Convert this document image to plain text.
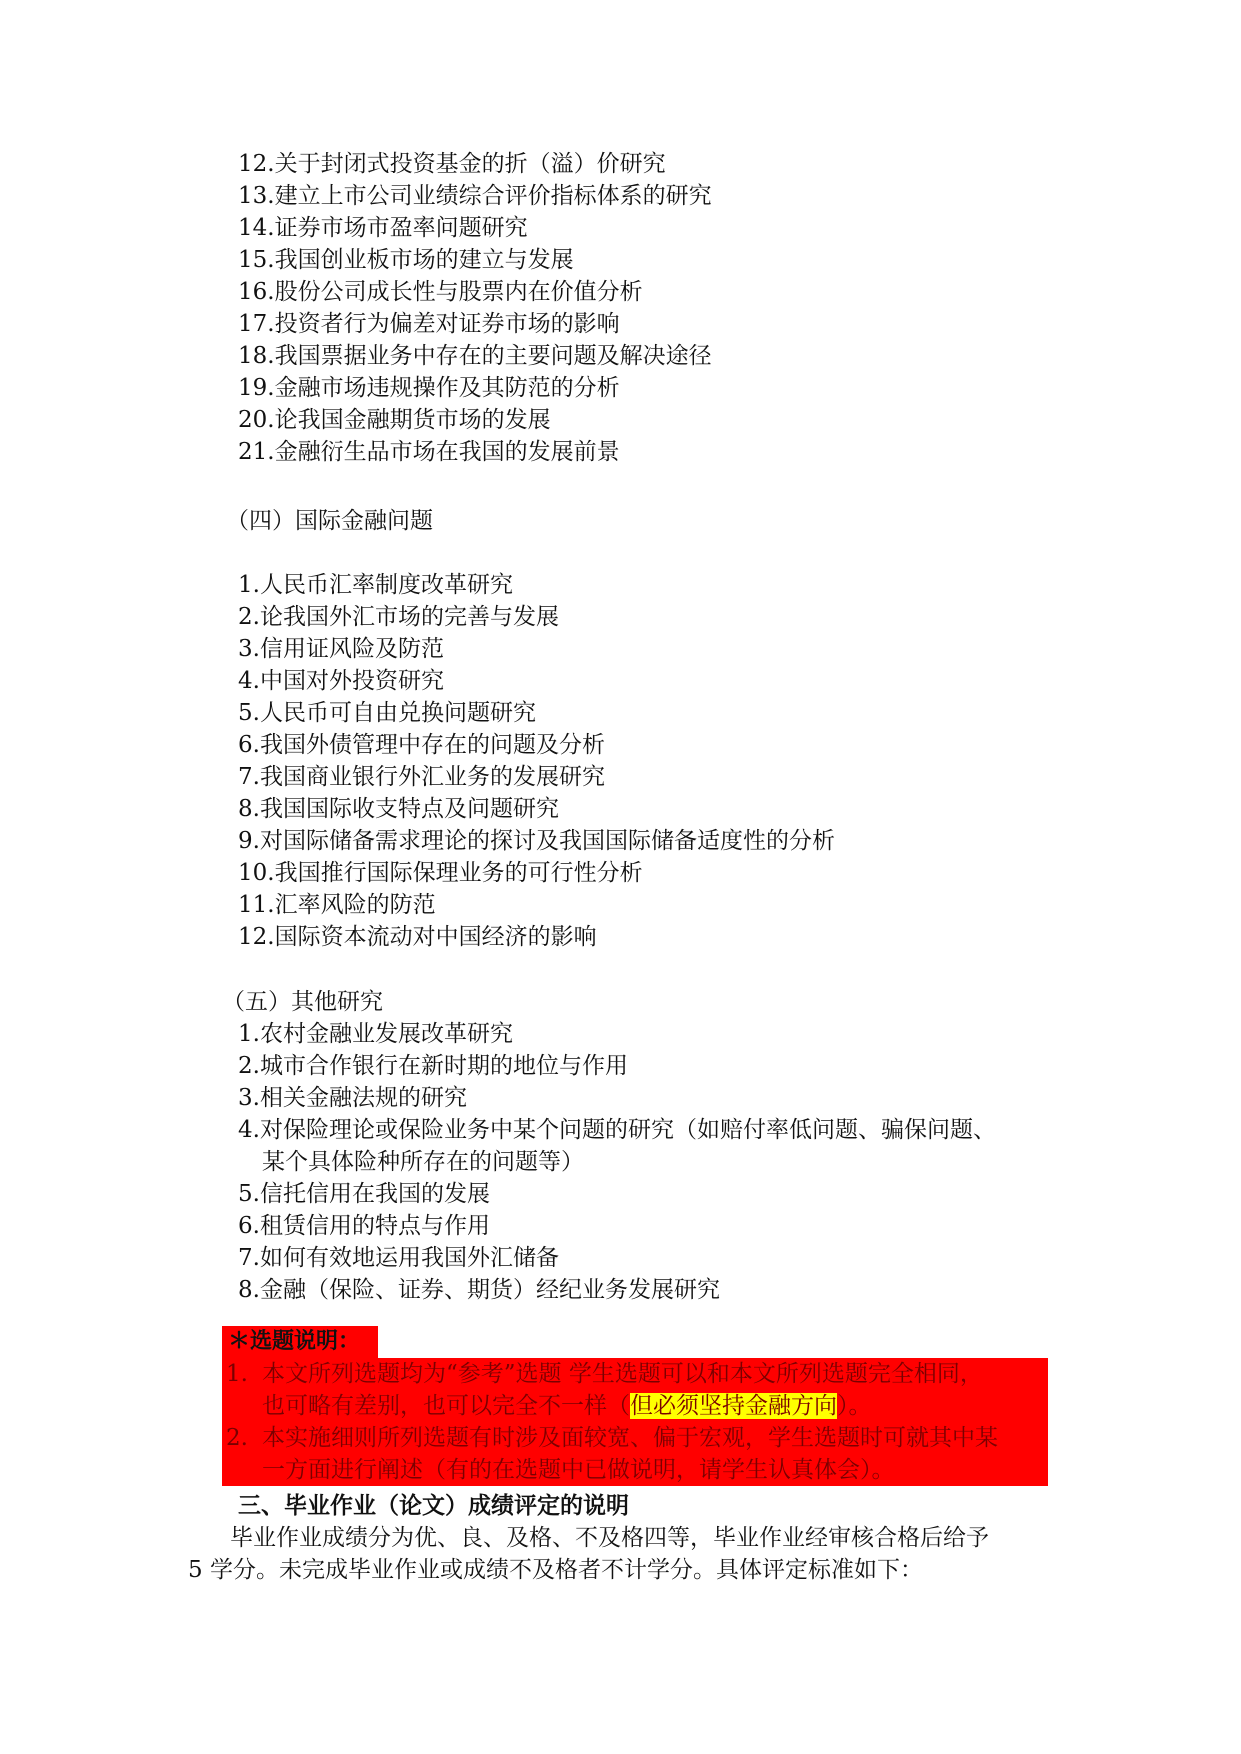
12.关于封闭式投资基金的折（溢）价研究
13.建立上市公司业绩综合评价指标体系的研究
14.证券市场市盈率问题研究
15.我国创业板市场的建立与发展
16.股份公司成长性与股票内在价值分析
17.投资者行为偏差对证券市场的影响
18.我国票据业务中存在的主要问题及解决途径
19.金融市场违规操作及其防范的分析
20.论我国金融期货市场的发展
21.金融衍生品市场在我国的发展前景
（四）国际金融问题
1.人民币汇率制度改革研究
2.论我国外汇市场的完善与发展
3.信用证风险及防范
4.中国对外投资研究
5.人民币可自由兑换问题研究
6.我国外债管理中存在的问题及分析
7.我国商业银行外汇业务的发展研究
8.我国国际收支特点及问题研究
9.对国际储备需求理论的探讨及我国国际储备适度性的分析
10.我国推行国际保理业务的可行性分析
11.汇率风险的防范
12.国际资本流动对中国经济的影响
（五）其他研究
1.农村金融业发展改革研究
2.城市合作银行在新时期的地位与作用
3.相关金融法规的研究
4.对保险理论或保险业务中某个问题的研究（如赔付率低问题、骗保问题、
某个具体险种所存在的问题等）
5.信托信用在我国的发展
6.租赁信用的特点与作用
7.如何有效地运用我国外汇储备
8.金融（保险、证券、期货）经纪业务发展研究
＊选题说明：
1. 本文所列选题均为“参考”选题 学生选题可以和本文所列选题完全相同，
也可略有差别，也可以完全不一样（但必须坚持金融方向）。
2. 本实施细则所列选题有时涉及面较宽、偏于宏观，学生选题时可就其中某
一方面进行阐述（有的在选题中已做说明，请学生认真体会）。
三、毕业作业（论文）成绩评定的说明
毕业作业成绩分为优、良、及格、不及格四等，毕业作业经审核合格后给予
5 学分。未完成毕业作业或成绩不及格者不计学分。具体评定标准如下：
